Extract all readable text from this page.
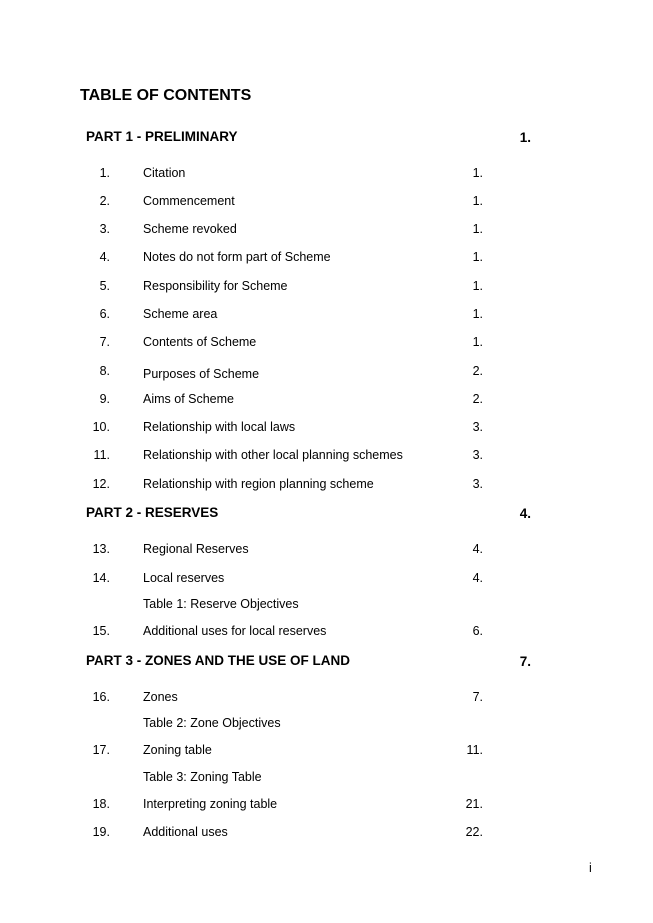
TABLE OF CONTENTS
PART 1 - PRELIMINARY	1.
1.	Citation	1.
2.	Commencement	1.
3.	Scheme revoked	1.
4.	Notes do not form part of Scheme	1.
5.	Responsibility for Scheme	1.
6.	Scheme area	1.
7.	Contents of Scheme	1.
8.	Purposes of Scheme	2.
9.	Aims of Scheme	2.
10.	Relationship with local laws	3.
11.	Relationship with other local planning schemes	3.
12.	Relationship with region planning scheme	3.
PART 2 - RESERVES	4.
13.	Regional Reserves	4.
14.	Local reserves	4.
Table 1: Reserve Objectives
15.	Additional uses for local reserves	6.
PART 3 - ZONES AND THE USE OF LAND	7.
16.	Zones	7.
Table 2: Zone Objectives
17.	Zoning table	11.
Table 3: Zoning Table
18.	Interpreting zoning table	21.
19.	Additional uses	22.
i
